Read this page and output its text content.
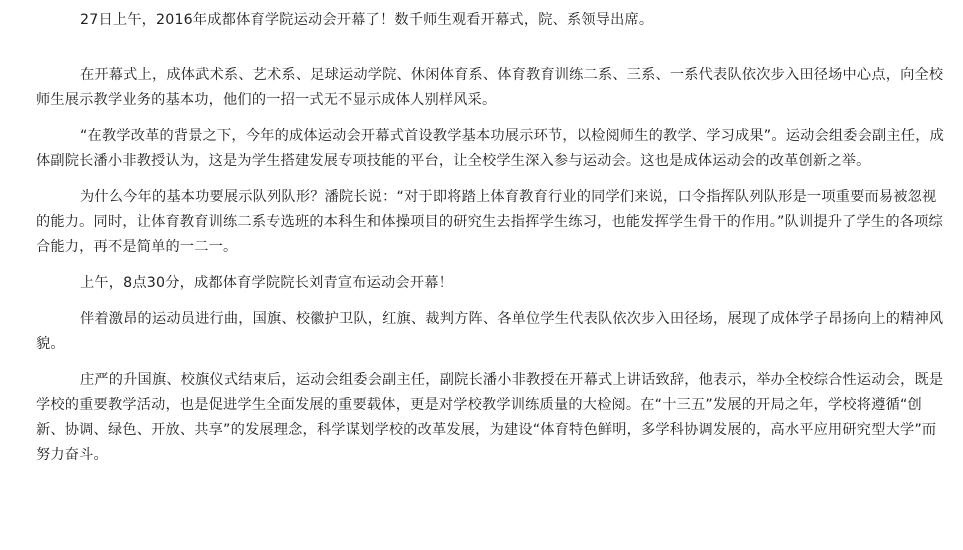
27日上午，2016年成都体育学院运动会开幕了！数千师生观看开幕式，院、系领导出席。

在开幕式上，成体武术系、艺术系、足球运动学院、休闲体育系、体育教育训练二系、三系、一系代表队依次步入田径场中心点，向全校师生展示教学业务的基本功，他们的一招一式无不显示成体人别样风采。

“在教学改革的背景之下，今年的成体运动会开幕式首设教学基本功展示环节，以检阅师生的教学、学习成果”。运动会组委会副主任，成体副院长潘小非教授认为，这是为学生搭建发展专项技能的平台，让全校学生深入参与运动会。这也是成体运动会的改革创新之举。

为什么今年的基本功要展示队列队形？潘院长说：“对于即将踏上体育教育行业的同学们来说，口令指挥队列队形是一项重要而易被忽视的能力。同时，让体育教育训练二系专选班的本科生和体操项目的研究生去指挥学生练习，也能发挥学生骨干的作用。”队训提升了学生的各项综合能力，再不是简单的一二一。

上午，8点30分，成都体育学院院长刘青宣布运动会开幕！

伴着激昂的运动员进行曲，国旗、校徽护卫队，红旗、裁判方阵、各单位学生代表队依次步入田径场，展现了成体学子昂扬向上的精神风貌。

庄严的升国旗、校旗仪式结束后，运动会组委会副主任，副院长潘小非教授在开幕式上讲话致辞，他表示，举办全校综合性运动会，既是学校的重要教学活动，也是促进学生全面发展的重要载体，更是对学校教学训练质量的大检阅。在“十三五”发展的开局之年，学校将遵循“创新、协调、绿色、开放、共享”的发展理念，科学谋划学校的改革发展，为建设“体育特色鲜明，多学科协调发展的，高水平应用研究型大学”而努力奋斗。
